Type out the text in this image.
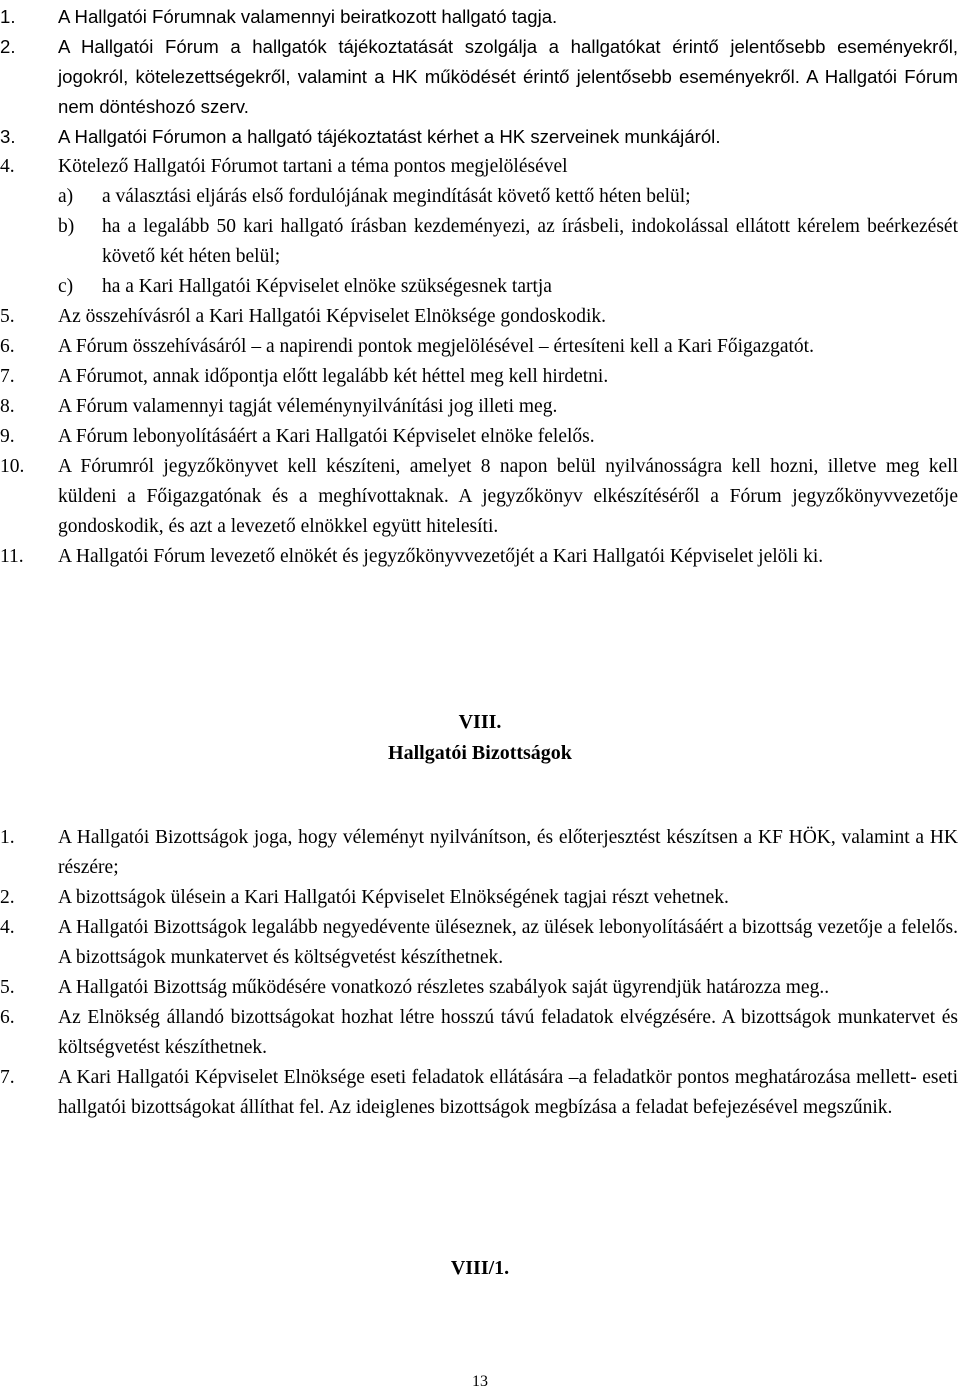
1. A Hallgatói Fórumnak valamennyi beiratkozott hallgató tagja.
2. A Hallgatói Fórum a hallgatók tájékoztatását szolgálja a hallgatókat érintő jelentősebb eseményekről, jogokról, kötelezettségekről, valamint a HK működését érintő jelentősebb eseményekről. A Hallgatói Fórum nem döntéshozó szerv.
3. A Hallgatói Fórumon a hallgató tájékoztatást kérhet a HK szerveinek munkájáról.
4. Kötelező Hallgatói Fórumot tartani a téma pontos megjelölésével
a) a választási eljárás első fordulójának megindítását követő kettő héten belül;
b) ha a legalább 50 kari hallgató írásban kezdeményezi, az írásbeli, indokolással ellátott kérelem beérkezését követő két héten belül;
c) ha a Kari Hallgatói Képviselet elnöke szükségesnek tartja
5. Az összehívásról a Kari Hallgatói Képviselet Elnöksége gondoskodik.
6. A Fórum összehívásáról – a napirendi pontok megjelölésével – értesíteni kell a Kari Főigazgatót.
7. A Fórumot, annak időpontja előtt legalább két héttel meg kell hirdetni.
8. A Fórum valamennyi tagját véleménynyilvánítási jog illeti meg.
9. A Fórum lebonyolításáért a Kari Hallgatói Képviselet elnöke felelős.
10. A Fórumról jegyzőkönyvet kell készíteni, amelyet 8 napon belül nyilvánosságra kell hozni, illetve meg kell küldeni a Főigazgatónak és a meghívottaknak. A jegyzőkönyv elkészítéséről a Fórum jegyzőkönyvvezetője gondoskodik, és azt a levezető elnökkel együtt hitelesíti.
11. A Hallgatói Fórum levezető elnökét és jegyzőkönyvvezetőjét a Kari Hallgatói Képviselet jelöli ki.
VIII.
Hallgatói Bizottságok
1. A Hallgatói Bizottságok joga, hogy véleményt nyilvánítson, és előterjesztést készítsen a KF HÖK, valamint a HK részére;
2. A bizottságok ülésein a Kari Hallgatói Képviselet Elnökségének tagjai részt vehetnek.
4. A Hallgatói Bizottságok legalább negyedévente üléseznek, az ülések lebonyolításáért a bizottság vezetője a felelős. A bizottságok munkatervet és költségvetést készíthetnek.
5. A Hallgatói Bizottság működésére vonatkozó részletes szabályok saját ügyrendjük határozza meg..
6. Az Elnökség állandó bizottságokat hozhat létre hosszú távú feladatok elvégzésére. A bizottságok munkatervet és költségvetést készíthetnek.
7. A Kari Hallgatói Képviselet Elnöksége eseti feladatok ellátására –a feladatkör pontos meghatározása mellett- eseti hallgatói bizottságokat állíthat fel. Az ideiglenes bizottságok megbízása a feladat befejezésével megszűnik.
VIII/1.
13
